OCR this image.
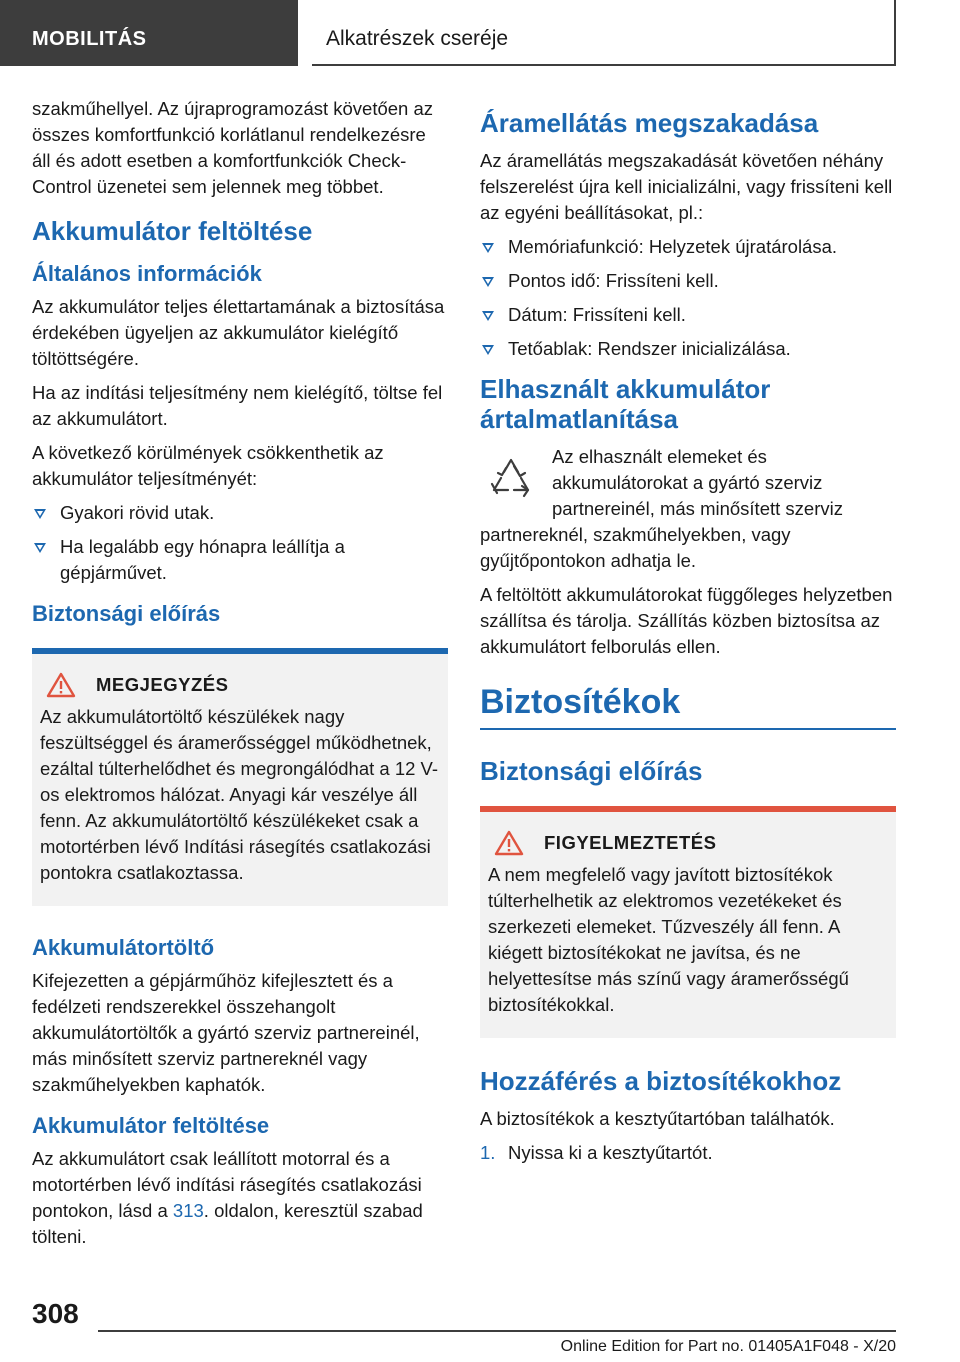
MOBILITÁS	Alkatrészek cseréje

szakműhellyel. Az újraprogramozást követően az összes komfortfunkció korlátlanul rendelkezésre áll és adott esetben a komfortfunkciók Check-Control üzenetei sem jelennek meg többet.

Akkumulátor feltöltése
Általános információk

Az akkumulátor teljes élettartamának a biztosítása érdekében ügyeljen az akkumulátor kielégítő töltöttségére.

Ha az indítási teljesítmény nem kielégítő, töltse fel az akkumulátort.

A következő körülmények csökkenthetik az akkumulátor teljesítményét:

Gyakori rövid utak.
Ha legalább egy hónapra leállítja a gépjárművet.
Biztonsági előírás
MEGJEGYZÉS

Az akkumulátortöltő készülékek nagy feszültséggel és áramerősséggel működhetnek, ezáltal túlterhelődhet és megrongálódhat a 12 V-os elektromos hálózat. Anyagi kár veszélye áll fenn. Az akkumulátortöltő készülékeket csak a motortérben lévő Indítási rásegítés csatlakozási pontokra csatlakoztassa.

Akkumulátortöltő

Kifejezetten a gépjárműhöz kifejlesztett és a fedélzeti rendszerekkel összehangolt akkumulátortöltők a gyártó szerviz partnereinél, más minősített szerviz partnereknél vagy szakműhelyekben kaphatók.

Akkumulátor feltöltése

Az akkumulátort csak leállított motorral és a motortérben lévő indítási rásegítés csatlakozási pontokon, lásd a 313. oldalon, keresztül szabad tölteni.

Áramellátás megszakadása

Az áramellátás megszakadását követően néhány felszerelést újra kell inicializálni, vagy frissíteni kell az egyéni beállításokat, pl.:

Memóriafunkció: Helyzetek újratárolása.
Pontos idő: Frissíteni kell.
Dátum: Frissíteni kell.
Tetőablak: Rendszer inicializálása.
Elhasznált akkumulátor ártalmatlanítása

Az elhasznált elemeket és akkumulátorokat a gyártó szerviz partnereinél, más minősített szerviz partnereknél, szakműhelyekben, vagy gyűjtőpontokon adhatja le.

A feltöltött akkumulátorokat függőleges helyzetben szállítsa és tárolja. Szállítás közben biztosítsa az akkumulátort felborulás ellen.

Biztosítékok
Biztonsági előírás
FIGYELMEZTETÉS

A nem megfelelő vagy javított biztosítékok túlterhelhetik az elektromos vezetékeket és szerkezeti elemeket. Tűzveszély áll fenn. A kiégett biztosítékokat ne javítsa, és ne helyettesítse más színű vagy áramerősségű biztosítékokkal.

Hozzáférés a biztosítékokhoz

A biztosítékok a kesztyűtartóban találhatók.

1. Nyissa ki a kesztyűtartót.
308
Online Edition for Part no. 01405A1F048 - X/20
